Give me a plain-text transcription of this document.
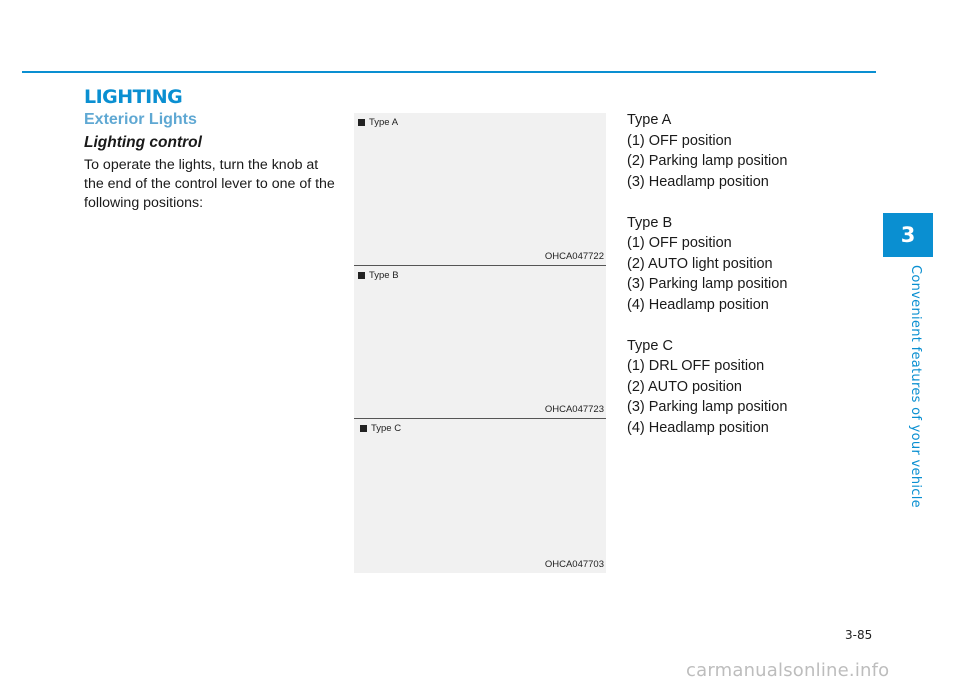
LIGHTING
Exterior Lights
Lighting control

To operate the lights, turn the knob at the end of the control lever to one of the following positions:

Type A
OHCA047722
Type B
OHCA047723
Type C
OHCA047703
Type A
(1) OFF position
(2) Parking lamp position
(3) Headlamp position
Type B
(1) OFF position
(2) AUTO light position
(3) Parking lamp position
(4) Headlamp position
Type C
(1) DRL OFF position
(2) AUTO position
(3) Parking lamp position
(4) Headlamp position
3
Convenient features of your vehicle
3-85
carmanualsonline.info
